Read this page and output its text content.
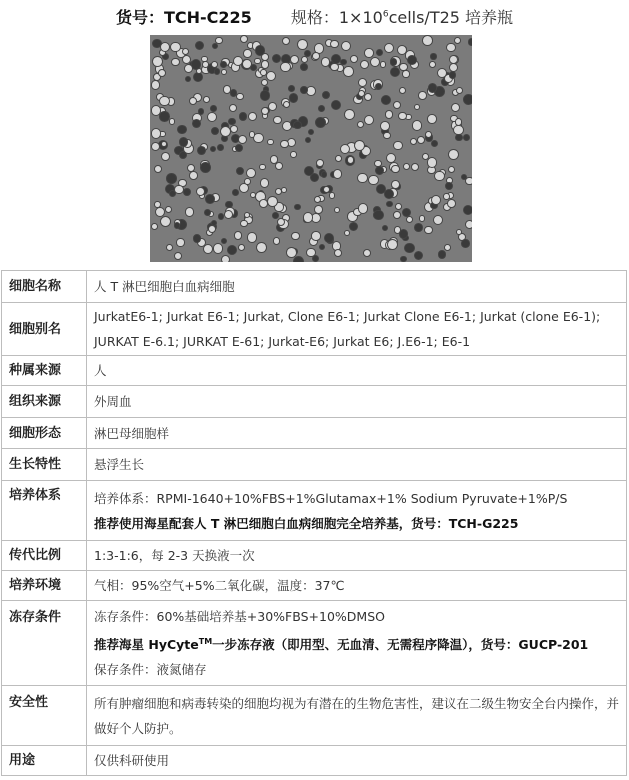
货号：TCH-C225 规格：$1\times 10^6cells/T25$ 培养瓶
细胞名称	人 T 淋巴细胞白血病细胞
细胞别名	JurkatE6-1; Jurkat E6-1; Jurkat, Clone E6-1; Jurkat Clone E6-1; Jurkat (clone E6-1); JURKAT E-6.1; JURKAT E-61; Jurkat-E6; Jurkat E6; J.E6-1; E6-1
种属来源	人
组织来源	外周血
细胞形态	淋巴母细胞样
生长特性	悬浮生长
培养体系	培养体系：RPMI-1640+10%FBS+1%Glutamax+1% Sodium Pyruvate+1%P/S
推荐使用海星配套人 T 淋巴细胞白血病细胞完全培养基，货号：TCH-G225

传代比例	1:3-1:6，每 2-3 天换液一次
培养环境	气相：95%空气+5%二氧化碳，温度：37℃
冻存条件	冻存条件：60%基础培养基+30%FBS+10%DMSO
推荐海星 HyCyte™一步冻存液（即用型、无血清、无需程序降温），货号：GUCP-201
保存条件：液氮储存

安全性	所有肿瘤细胞和病毒转染的细胞均视为有潜在的生物危害性，建议在二级生物安全台内操作，并做好个人防护。
用途	仅供科研使用
